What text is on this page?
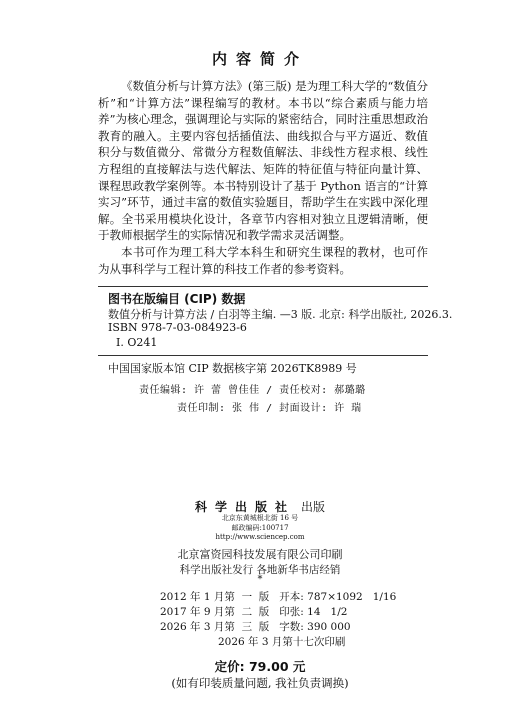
内容简介

《数值分析与计算方法》(第三版) 是为理工科大学的“数值分析”和“计算方法”课程编写的教材。本书以“综合素质与能力培养”为核心理念，强调理论与实际的紧密结合，同时注重思想政治教育的融入。主要内容包括插值法、曲线拟合与平方逼近、数值积分与数值微分、常微分方程数值解法、非线性方程求根、线性方程组的直接解法与迭代解法、矩阵的特征值与特征向量计算、课程思政教学案例等。本书特别设计了基于 Python 语言的“计算实习”环节，通过丰富的数值实验题目，帮助学生在实践中深化理解。全书采用模块化设计，各章节内容相对独立且逻辑清晰，便于教师根据学生的实际情况和教学需求灵活调整。

本书可作为理工科大学本科生和研究生课程的教材，也可作为从事科学与工程计算的科技工作者的参考资料。

图书在版编目 (CIP) 数据
数值分析与计算方法 / 白羽等主编. —3 版. 北京: 科学出版社, 2026.3.
ISBN 978-7-03-084923-6
Ⅰ. O241
中国国家版本馆 CIP 数据核字第 2026TK8989 号
责任编辑: 许 蕾 曾佳佳 / 责任校对: 郝璐璐
责任印制: 张 伟 / 封面设计: 许 瑞
科学出版社 出版
北京东黄城根北街 16 号
邮政编码:100717
http://www.sciencep.com
北京富资园科技发展有限公司印刷
科学出版社发行 各地新华书店经销
*
2012 年 1 月第  一  版   开本: 787×1092   1/16
2017 年 9 月第  二  版   印张: 14   1/2
2026 年 3 月第  三  版   字数: 390 000
2026 年 3 月第十七次印刷
定价: 79.00 元
(如有印装质量问题, 我社负责调换)
